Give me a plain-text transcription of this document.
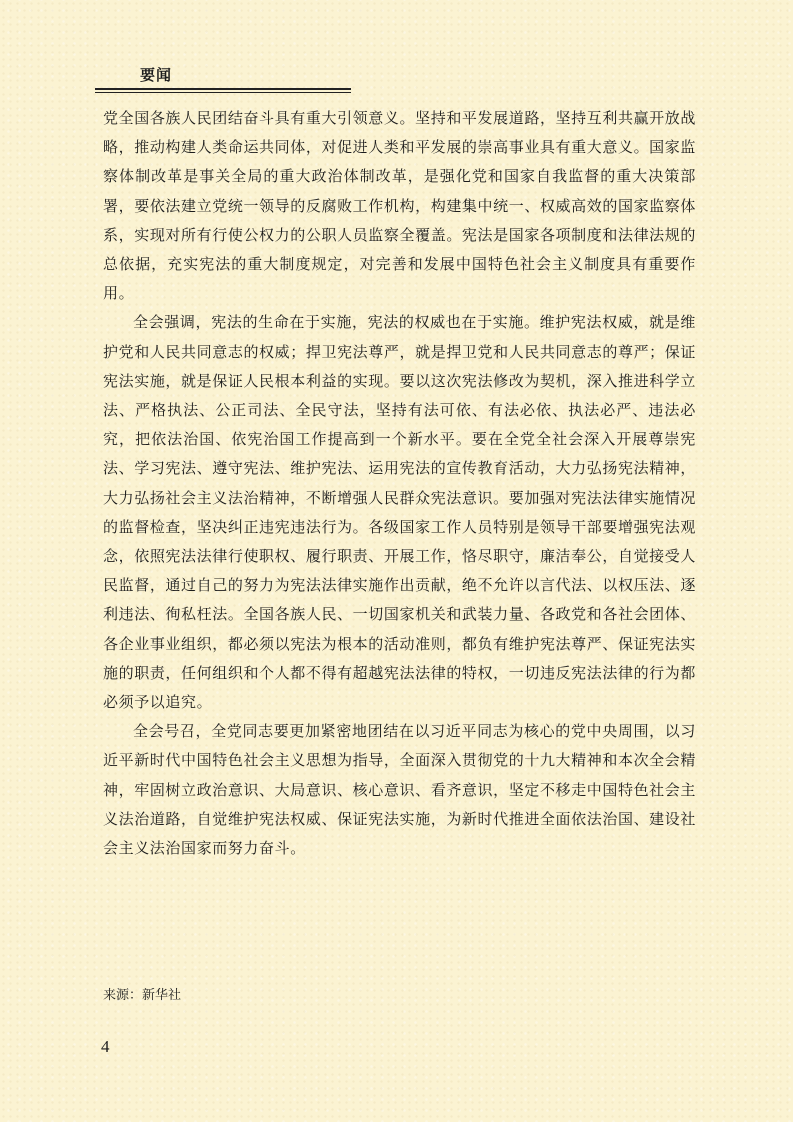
要闻

党全国各族人民团结奋斗具有重大引领意义。坚持和平发展道路，坚持互利共赢开放战略，推动构建人类命运共同体，对促进人类和平发展的崇高事业具有重大意义。国家监察体制改革是事关全局的重大政治体制改革，是强化党和国家自我监督的重大决策部署，要依法建立党统一领导的反腐败工作机构，构建集中统一、权威高效的国家监察体系，实现对所有行使公权力的公职人员监察全覆盖。宪法是国家各项制度和法律法规的总依据，充实宪法的重大制度规定，对完善和发展中国特色社会主义制度具有重要作用。

全会强调，宪法的生命在于实施，宪法的权威也在于实施。维护宪法权威，就是维护党和人民共同意志的权威；捍卫宪法尊严，就是捍卫党和人民共同意志的尊严；保证宪法实施，就是保证人民根本利益的实现。要以这次宪法修改为契机，深入推进科学立法、严格执法、公正司法、全民守法，坚持有法可依、有法必依、执法必严、违法必究，把依法治国、依宪治国工作提高到一个新水平。要在全党全社会深入开展尊崇宪法、学习宪法、遵守宪法、维护宪法、运用宪法的宣传教育活动，大力弘扬宪法精神，大力弘扬社会主义法治精神，不断增强人民群众宪法意识。要加强对宪法法律实施情况的监督检查，坚决纠正违宪违法行为。各级国家工作人员特别是领导干部要增强宪法观念，依照宪法法律行使职权、履行职责、开展工作，恪尽职守，廉洁奉公，自觉接受人民监督，通过自己的努力为宪法法律实施作出贡献，绝不允许以言代法、以权压法、逐利违法、徇私枉法。全国各族人民、一切国家机关和武装力量、各政党和各社会团体、各企业事业组织，都必须以宪法为根本的活动准则，都负有维护宪法尊严、保证宪法实施的职责，任何组织和个人都不得有超越宪法法律的特权，一切违反宪法法律的行为都必须予以追究。

全会号召，全党同志要更加紧密地团结在以习近平同志为核心的党中央周围，以习近平新时代中国特色社会主义思想为指导，全面深入贯彻党的十九大精神和本次全会精神，牢固树立政治意识、大局意识、核心意识、看齐意识，坚定不移走中国特色社会主义法治道路，自觉维护宪法权威、保证宪法实施，为新时代推进全面依法治国、建设社会主义法治国家而努力奋斗。

来源：新华社
4
